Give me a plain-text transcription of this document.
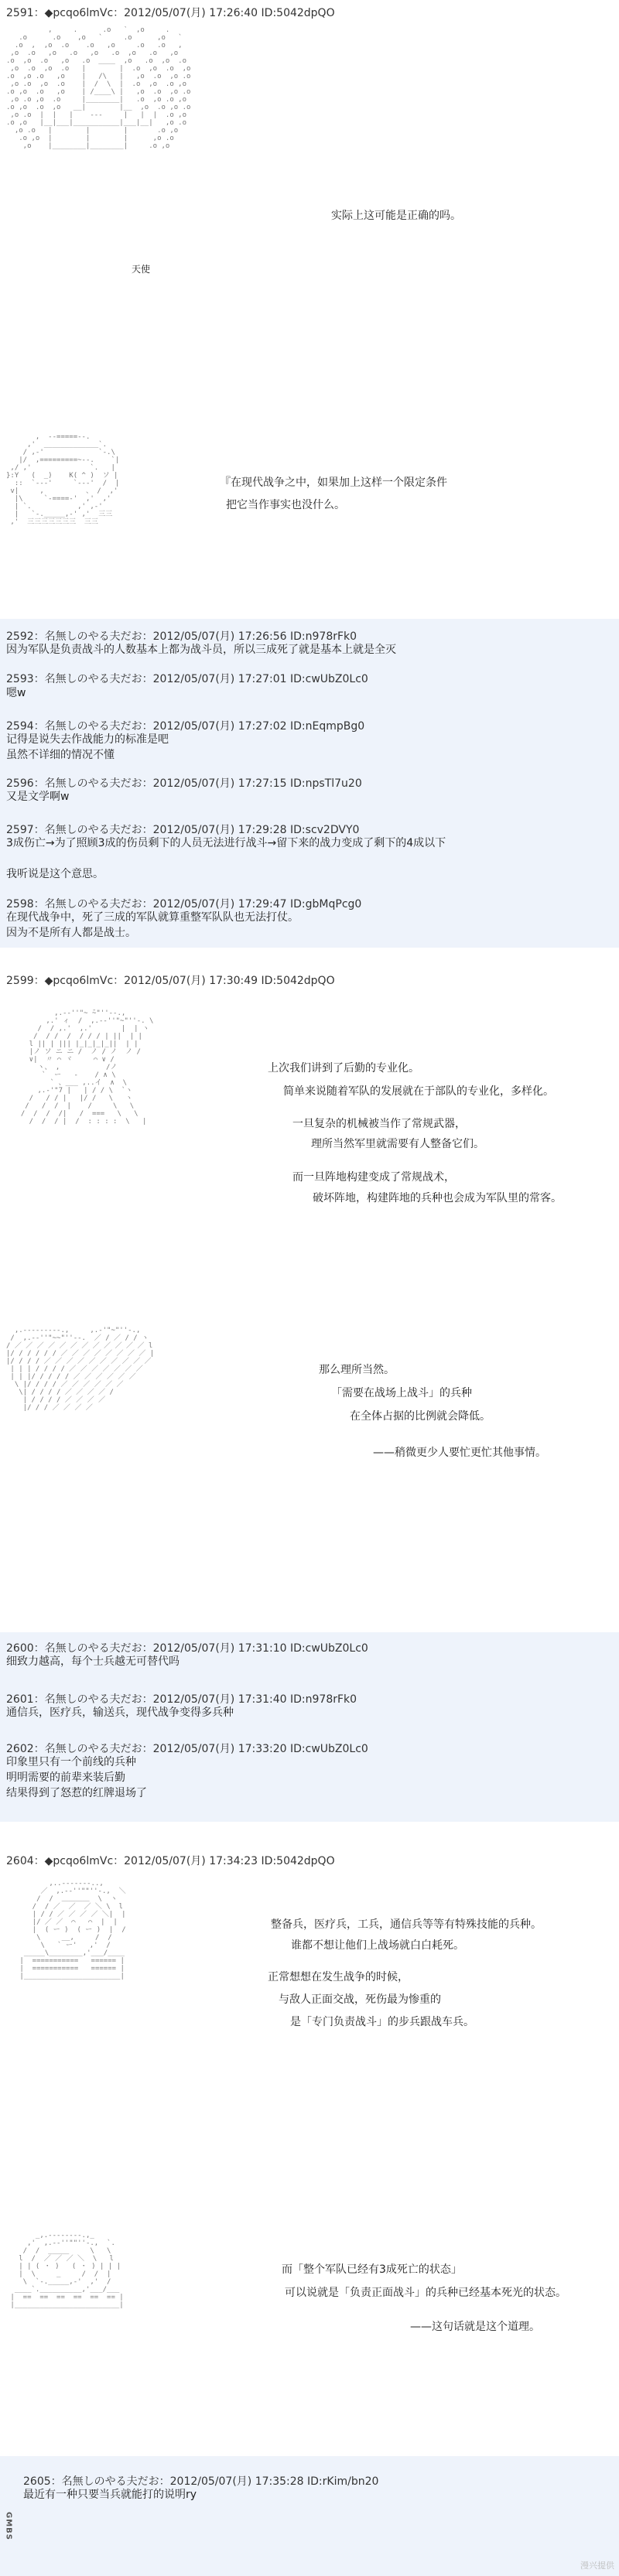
2591：◆pcqo6lmVc：2012/05/07(月) 17:26:40 ID:5042dpQO
,     .      .o   `  ,o     .
.o      .o    ,o   `     .o      ,o   `
.o  ,  ,o  .o    .o   ,o     .o   .o   ,
,o  .o   ,o   .o   ,o   .o  ,o   .o   ,o
.o  ,o  .o   ,o   .o  ____  ,o   .o  ,o  .o
,o  .o  ,o  .o   |        |  .o  ,o  .o  ,o
.o  ,o .o   ,o    |   /\   |   ,o  .o  ,o .o
,o .o  ,o  .o    |  /  \  |  .o  ,o  .o ,o
.o ,o  .o   ,o    | /____\ |   ,o  .o  ,o .o
,o .o ,o  .o     |________|   .o  ,o .o ,o
.o ,o  .o  ,o   __|        |__  ,o  .o ,o .o
,o .o  |  |   |    ---     |   |  |  .o ,o
.o ,o   |__|___|___________|___|__|   ,o .o
,o .o   |        |        |       .o ,o
.o ,o  |        |        |      ,o .o
,o    |________|________|     .o ,o
天使
实际上这可能是正确的吗。
,  --=====--.
,'  _____________`.
/ ,-'             `-.\
|/  ,=========~--.    `|
,/ ,'              `.   |
}:Y   (  _)    K( ^ )  ソ |
::  `---'     `---'  /  |
v|     ,          、 /  ,'
|\     `-====-'  ,'  ,'
| `.           ,' ,-'
|   `-._____,-' ,'  三三
,'  三三三三三三三  三三
『在现代战争之中，如果加上这样一个限定条件
把它当作事实也没什么。
2592：名無しのやる夫だお：2012/05/07(月) 17:26:56 ID:n978rFk0
因为军队是负责战斗的人数基本上都为战斗员，所以三成死了就是基本上就是全灭
2593：名無しのやる夫だお：2012/05/07(月) 17:27:01 ID:cwUbZ0Lc0
嗯w
2594：名無しのやる夫だお：2012/05/07(月) 17:27:02 ID:nEqmpBg0
记得是说失去作战能力的标准是吧
虽然不详细的情况不懂
2596：名無しのやる夫だお：2012/05/07(月) 17:27:15 ID:npsTl7u20
又是文学啊w
2597：名無しのやる夫だお：2012/05/07(月) 17:29:28 ID:scv2DVY0
3成伤亡→为了照顾3成的伤员剩下的人员无法进行战斗→留下来的战力变成了剩下的4成以下
我听说是这个意思。
2598：名無しのやる夫だお：2012/05/07(月) 17:29:47 ID:gbMqPcg0
在现代战争中，死了三成的军队就算重整军队队也无法打仗。
因为不是所有人都是战士。
2599：◆pcqo6lmVc：2012/05/07(月) 17:30:49 ID:5042dpQO
,.-‐''"~ ̄~"''‐-.,
,.' ィ  /  ,.-‐''"~"''-. \
/  / ,.'  ,.'       |  | ヽ
/  / /  /  / / / | ||  | |
l || | ||| |_|_|_|_||  | |
|ノ ソ ニ ニ /  ノ / ノ  ノ /
∨|  〃 ⌒ ヾ     ⌒ ∨ /
ヽ、 ,           /ノ
`  ー   ‐    / ∧ \
` 、___ ,..イ  ∧  \
,.-'"7 |   | / / \  `ヽ
/   / / |   |/ /   \   ヽ
/   /  /  |    /     \   \
/  /  /  /|   /  ===   \   \
/  /  / |  /  : : : :  \   |
上次我们讲到了后勤的专业化。
简单来说随着军队的发展就在于部队的专业化，多样化。
一旦复杂的机械被当作了常规武器，
理所当然军里就需要有人整备它们。
而一旦阵地构建变成了常规战术，
破坏阵地，构建阵地的兵种也会成为军队里的常客。
,.--‐‐‐‐‐--.,     ,.-'"~"''-.,
/  ,.-‐''"~~"''‐-.  ／ / ／ / / ヽ
/ ／ ／ ／ ／ ／ ／ ／ ／ ／ ／ ／ ／ l
|/ / / / / / ／ ／ ／ ／ ／ ／ ／ ／ |
|/ / / / ／ ／ ／ ／ ／ ／ ／ ／ ／ ／
| | | / / / / ／ ／ ／ ／ ／ ／ ／
| | |/ / / / / ／ ／ ／ ／ ／ ／
\ |/ / / / ／ ／ ／ ／ ／ ／
\| / / / / ／ ／ ／ ／ /
| / / / / ／ ／ ／ ／
|/ / / ／ ／ ／ ／
那么理所当然。
「需要在战场上战斗」的兵种
在全体占据的比例就会降低。
——稍微更少人要忙更忙其他事情。
2600：名無しのやる夫だお：2012/05/07(月) 17:31:10 ID:cwUbZ0Lc0
细致力越高，每个士兵越无可替代吗
2601：名無しのやる夫だお：2012/05/07(月) 17:31:40 ID:n978rFk0
通信兵，医疗兵，输送兵，现代战争变得多兵种
2602：名無しのやる夫だお：2012/05/07(月) 17:33:20 ID:cwUbZ0Lc0
印象里只有一个前线的兵种
明明需要的前辈来装后勤
结果得到了怒惹的红牌退场了
2604：◆pcqo6lmVc：2012/05/07(月) 17:34:23 ID:5042dpQO
,..-‐‐‐‐‐-..,
／  ,.-‐''""''-.,  ＼
/  /  ＿＿＿＿  \  ヽ
/  / ／  ／  ／ ＼ \  l
| / / ／ ／ ／ ／ ＼|  |
|/ ／ ／  ⌒   ⌒  |  |
|  ( ー )  ( ー )  |  /
\     __,     /  /
\   ` ー'   ,'  /
_____\________,'___/____
|  ===========   ====== |
|  ===========   ====== |
|_______________________|
整备兵，医疗兵，工兵，通信兵等等有特殊技能的兵种。
谁都不想让他们上战场就白白耗死。
正常想想在发生战争的时候，
与敌人正面交战，死伤最为惨重的
是「专门负责战斗」的步兵跟战车兵。
_,.-‐‐‐‐‐‐-.,_
,'  ,.-‐''""''-.,  `.
/  /  _____     \   \
l  /  ／ ／ ／ ＼  \   l
| | ( ・ )   ( ・ ) | | |
|  \     _     /  /  |
\  `-._____,-'  ,'  /
____`.__________,'___/___
|  ==  ==  ==  ==  ==  == |
|_________________________|
而「整个军队已经有3成死亡的状态」
可以说就是「负责正面战斗」的兵种已经基本死光的状态。
——这句话就是这个道理。
2605：名無しのやる夫だお：2012/05/07(月) 17:35:28 ID:rKim/bn20
最近有一种只要当兵就能打的说明ry
GMBS
漫兴提供
